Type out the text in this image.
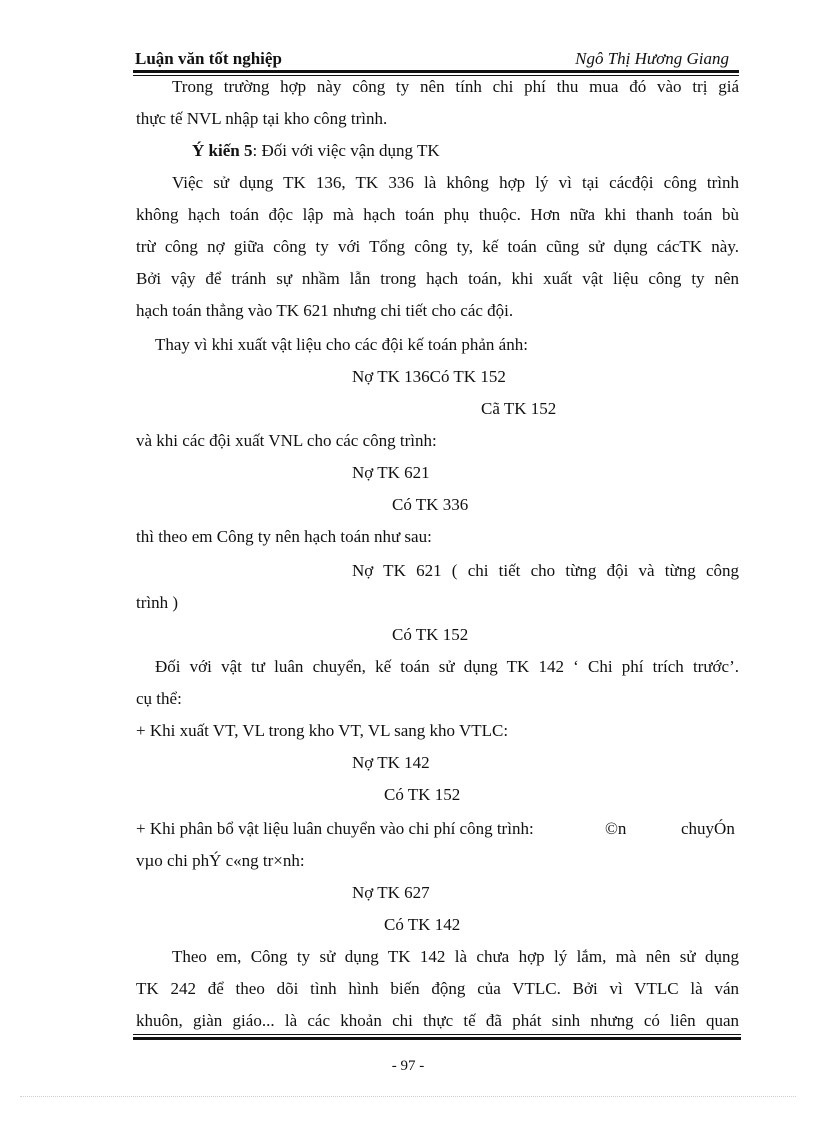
Luận văn tốt nghiệp	Ngô Thị Hương Giang
Trong trường hợp này công ty nên tính chi phí thu mua đó vào trị giá
thực tế NVL nhập tại kho công trình.
Ý kiến 5: Đối với việc vận dụng TK
Việc sử dụng TK 136, TK 336 là không hợp lý vì tại cácđội công trình
không hạch toán độc lập mà hạch toán phụ thuộc. Hơn nữa khi thanh toán bù
trừ công nợ giữa công ty với Tổng công ty, kế toán cũng sử dụng cácTK này.
Bởi vậy để tránh sự nhầm lẫn trong hạch toán, khi xuất vật liệu công ty nên
hạch toán thẳng vào TK 621 nhưng chi tiết cho các đội.
Thay vì khi xuất vật liệu cho các đội kế toán phản ánh:
Nợ TK 136Có TK 152
Cã TK 152
và khi các đội xuất VNL cho các công trình:
Nợ TK 621
Có TK 336
thì theo em Công ty nên hạch toán như sau:
Nợ TK 621 ( chi tiết cho từng đội và từng công
trình )
Có TK 152
Đối với vật tư luân chuyển, kế toán sử dụng TK 142 ‘ Chi phí trích trước’.
cụ thể:
+ Khi xuất VT, VL trong kho VT, VL sang kho VTLC:
Nợ TK 142
Có TK 152
+ Khi phân bổ vật liệu luân chuyển vào chi phí công trình:	©n	chuyÓn
vµo chi phÝ c«ng tr×nh:
Nợ TK 627
Có TK 142
Theo em, Công ty sử dụng TK 142 là chưa hợp lý lắm, mà nên sử dụng
TK 242 để theo dõi tình hình biến động của VTLC. Bởi vì VTLC là ván
khuôn, giàn giáo... là các khoản chi thực tế đã phát sinh nhưng có liên quan
- 97 -
